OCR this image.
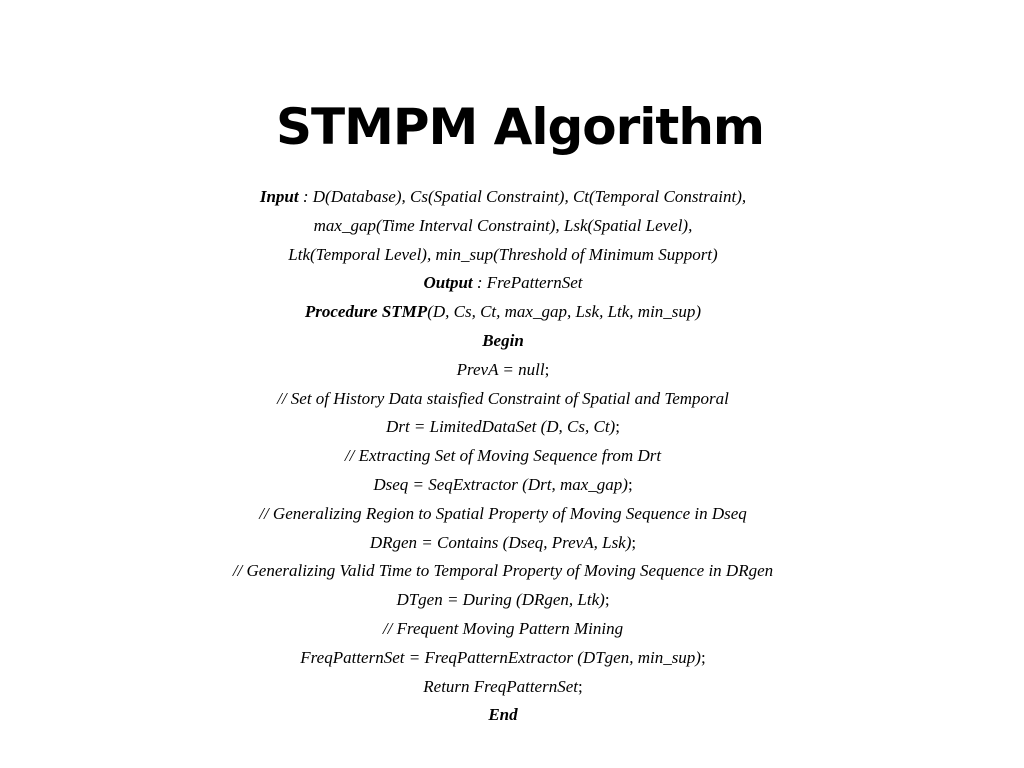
STMPM Algorithm
Input : D(Database), Cs(Spatial Constraint), Ct(Temporal Constraint),
max_gap(Time Interval Constraint), Lsk(Spatial Level),
Ltk(Temporal Level), min_sup(Threshold of Minimum Support)
Output : FrePatternSet
Procedure STMP(D, Cs, Ct, max_gap, Lsk, Ltk, min_sup)
Begin
PrevA = null;
// Set of History Data staisfied Constraint of Spatial and Temporal
Drt = LimitedDataSet (D, Cs, Ct);
// Extracting Set of Moving Sequence from Drt
Dseq = SeqExtractor (Drt, max_gap);
// Generalizing Region to Spatial Property of Moving Sequence in Dseq
DRgen = Contains (Dseq, PrevA, Lsk);
// Generalizing Valid Time to Temporal Property of Moving Sequence in DRgen
DTgen = During (DRgen, Ltk);
// Frequent Moving Pattern Mining
FreqPatternSet = FreqPatternExtractor (DTgen, min_sup);
Return FreqPatternSet;
End
